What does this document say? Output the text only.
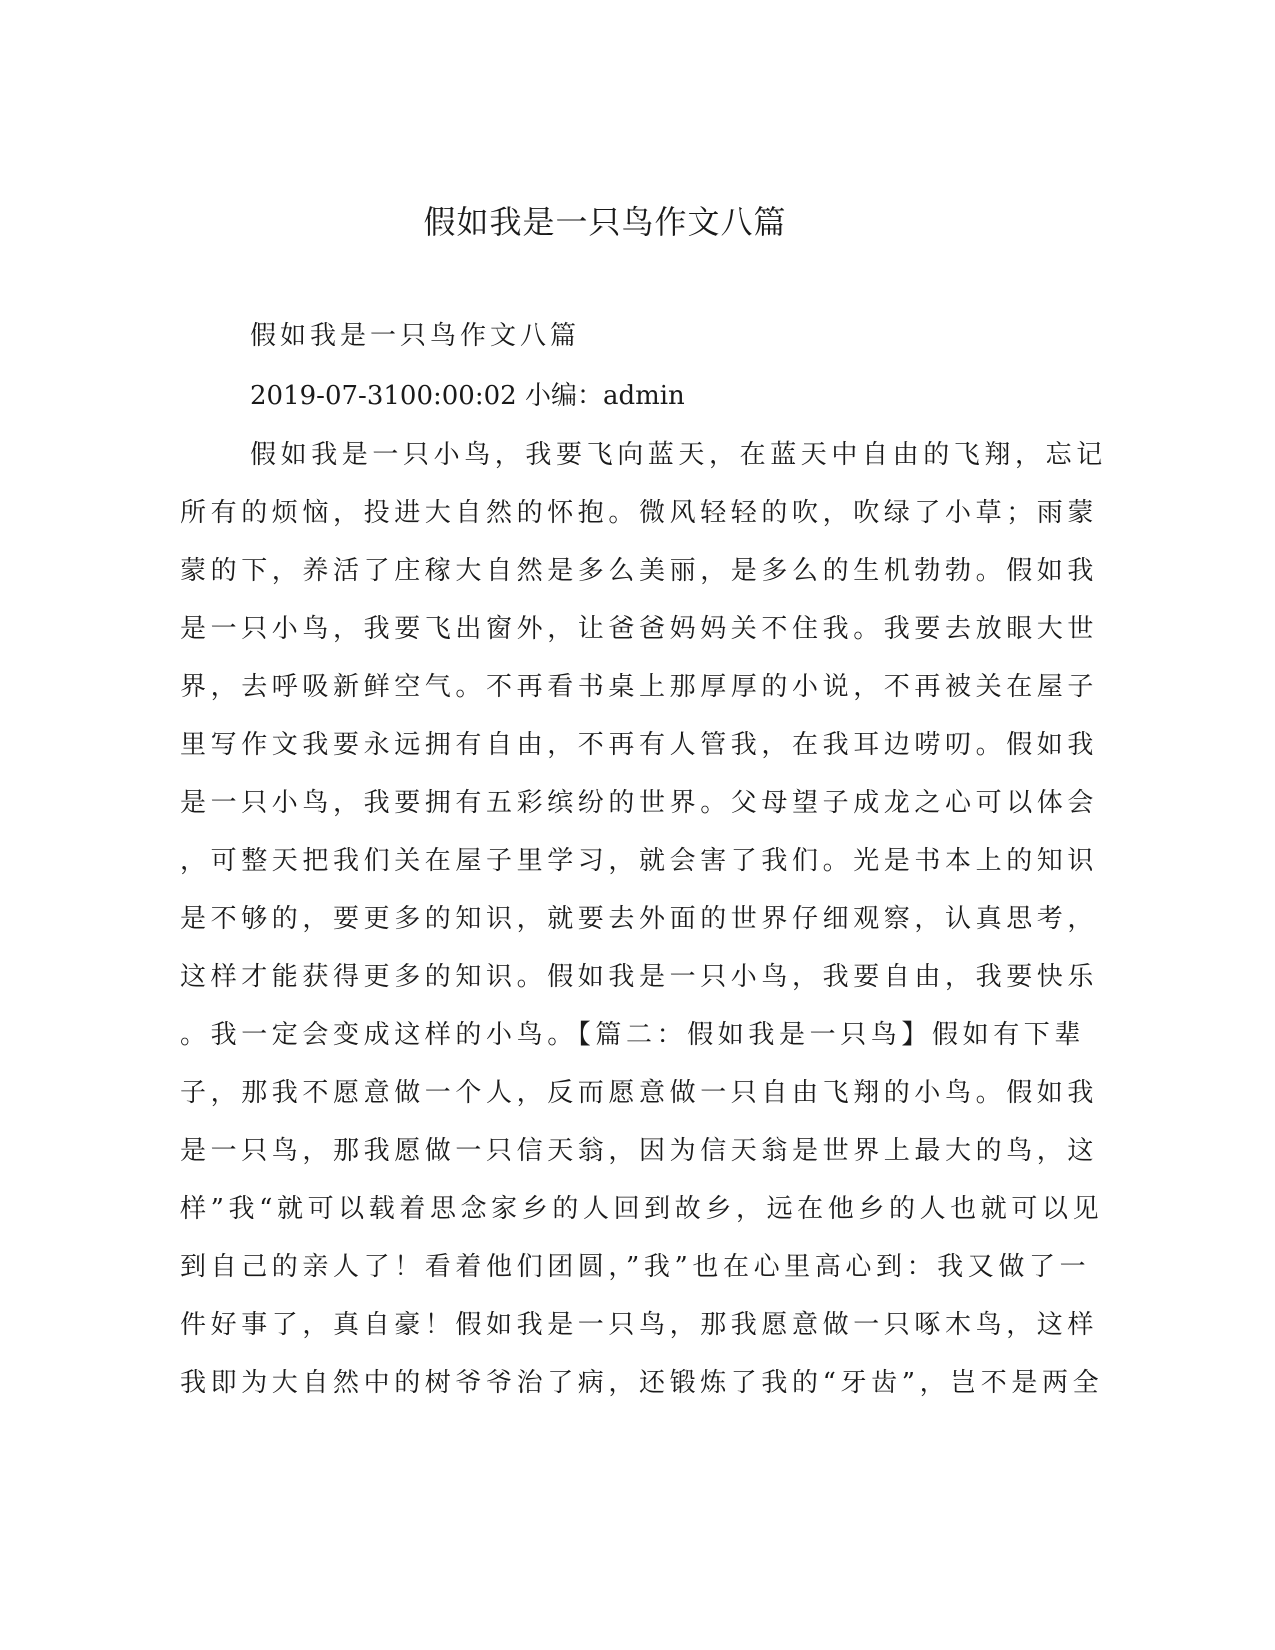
假如我是一只鸟作文八篇

假如我是一只鸟作文八篇

2019-07-3100:00:02 小编：admin

假如我是一只小鸟，我要飞向蓝天，在蓝天中自由的飞翔，忘记
所有的烦恼，投进大自然的怀抱。微风轻轻的吹，吹绿了小草；雨蒙
蒙的下，养活了庄稼大自然是多么美丽，是多么的生机勃勃。假如我
是一只小鸟，我要飞出窗外，让爸爸妈妈关不住我。我要去放眼大世
界，去呼吸新鲜空气。不再看书桌上那厚厚的小说，不再被关在屋子
里写作文我要永远拥有自由，不再有人管我，在我耳边唠叨。假如我
是一只小鸟，我要拥有五彩缤纷的世界。父母望子成龙之心可以体会
，可整天把我们关在屋子里学习，就会害了我们。光是书本上的知识
是不够的，要更多的知识，就要去外面的世界仔细观察，认真思考，
这样才能获得更多的知识。假如我是一只小鸟，我要自由，我要快乐
。我一定会变成这样的小鸟。【篇二：假如我是一只鸟】假如有下辈
子，那我不愿意做一个人，反而愿意做一只自由飞翔的小鸟。假如我
是一只鸟，那我愿做一只信天翁，因为信天翁是世界上最大的鸟，这
样”我“就可以载着思念家乡的人回到故乡，远在他乡的人也就可以见
到自己的亲人了！看着他们团圆，”我”也在心里高心到：我又做了一
件好事了，真自豪！假如我是一只鸟，那我愿意做一只啄木鸟，这样
我即为大自然中的树爷爷治了病，还锻炼了我的“牙齿”，岂不是两全
